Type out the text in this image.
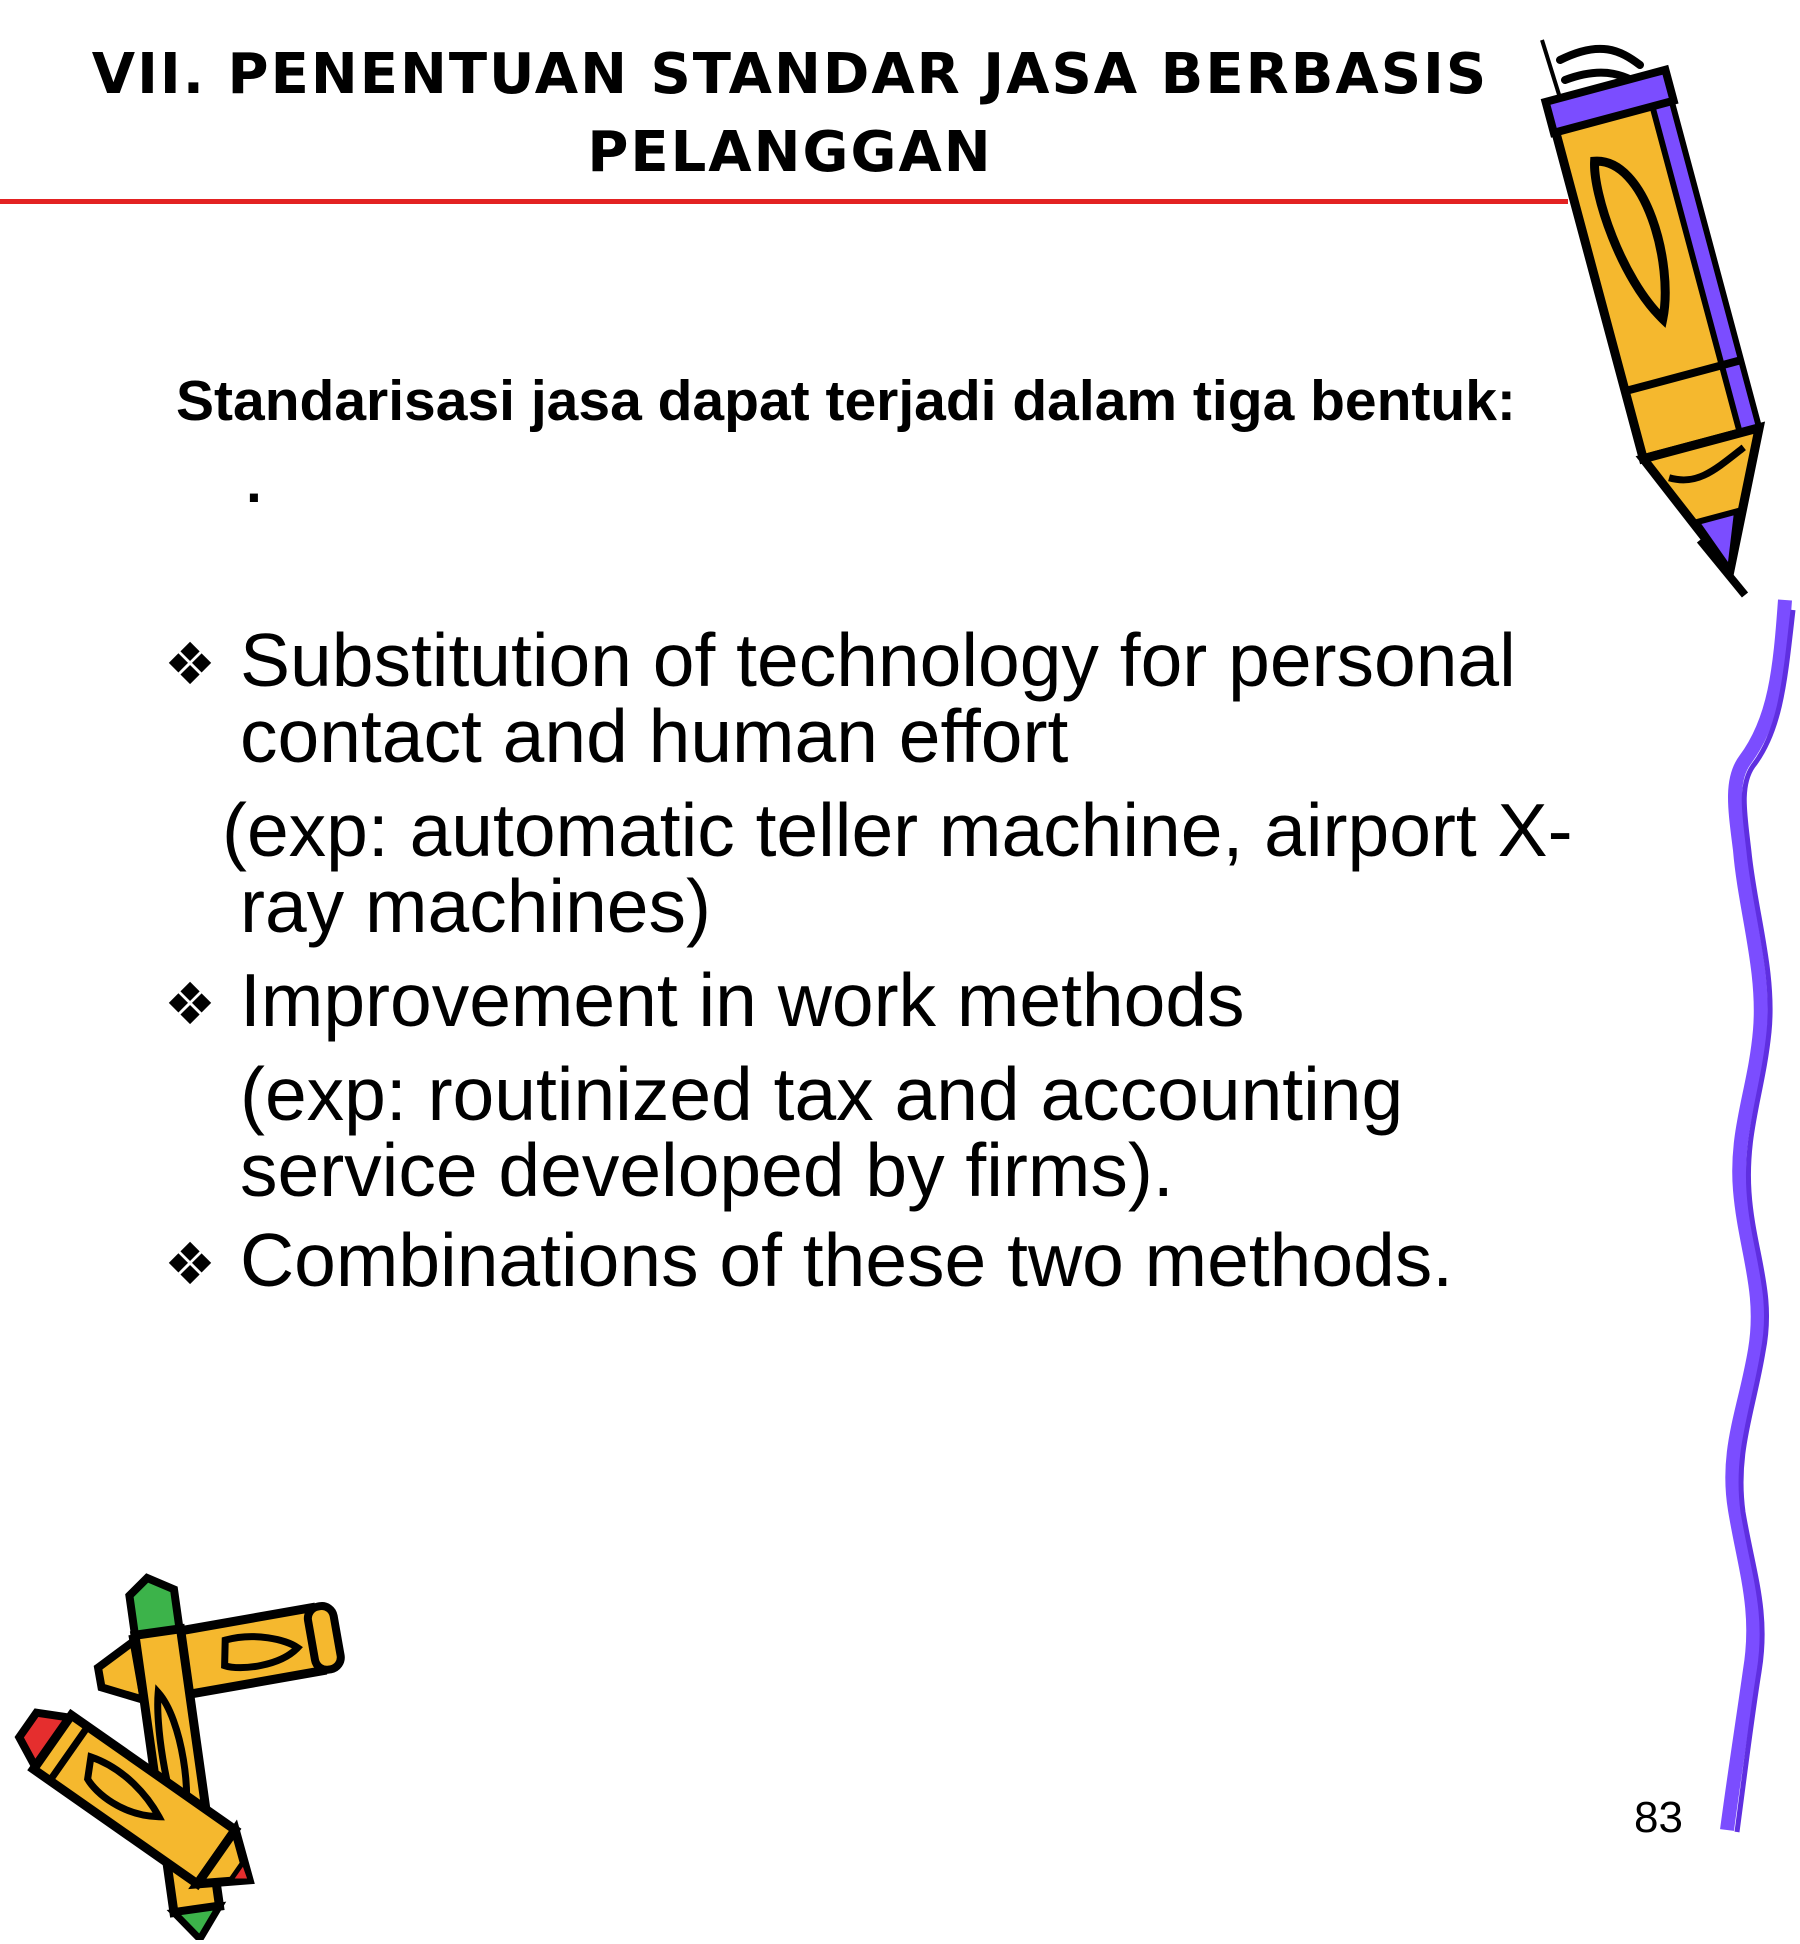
VII. PENENTUAN STANDAR JASA BERBASIS
PELANGGAN
Standarisasi jasa dapat terjadi dalam tiga bentuk:
.
❖ Substitution of technology for personal
contact and human effort
(exp: automatic teller machine, airport X-
ray machines)
❖ Improvement in work methods
(exp: routinized tax and accounting
service developed by firms).
❖ Combinations of these two methods.
83
